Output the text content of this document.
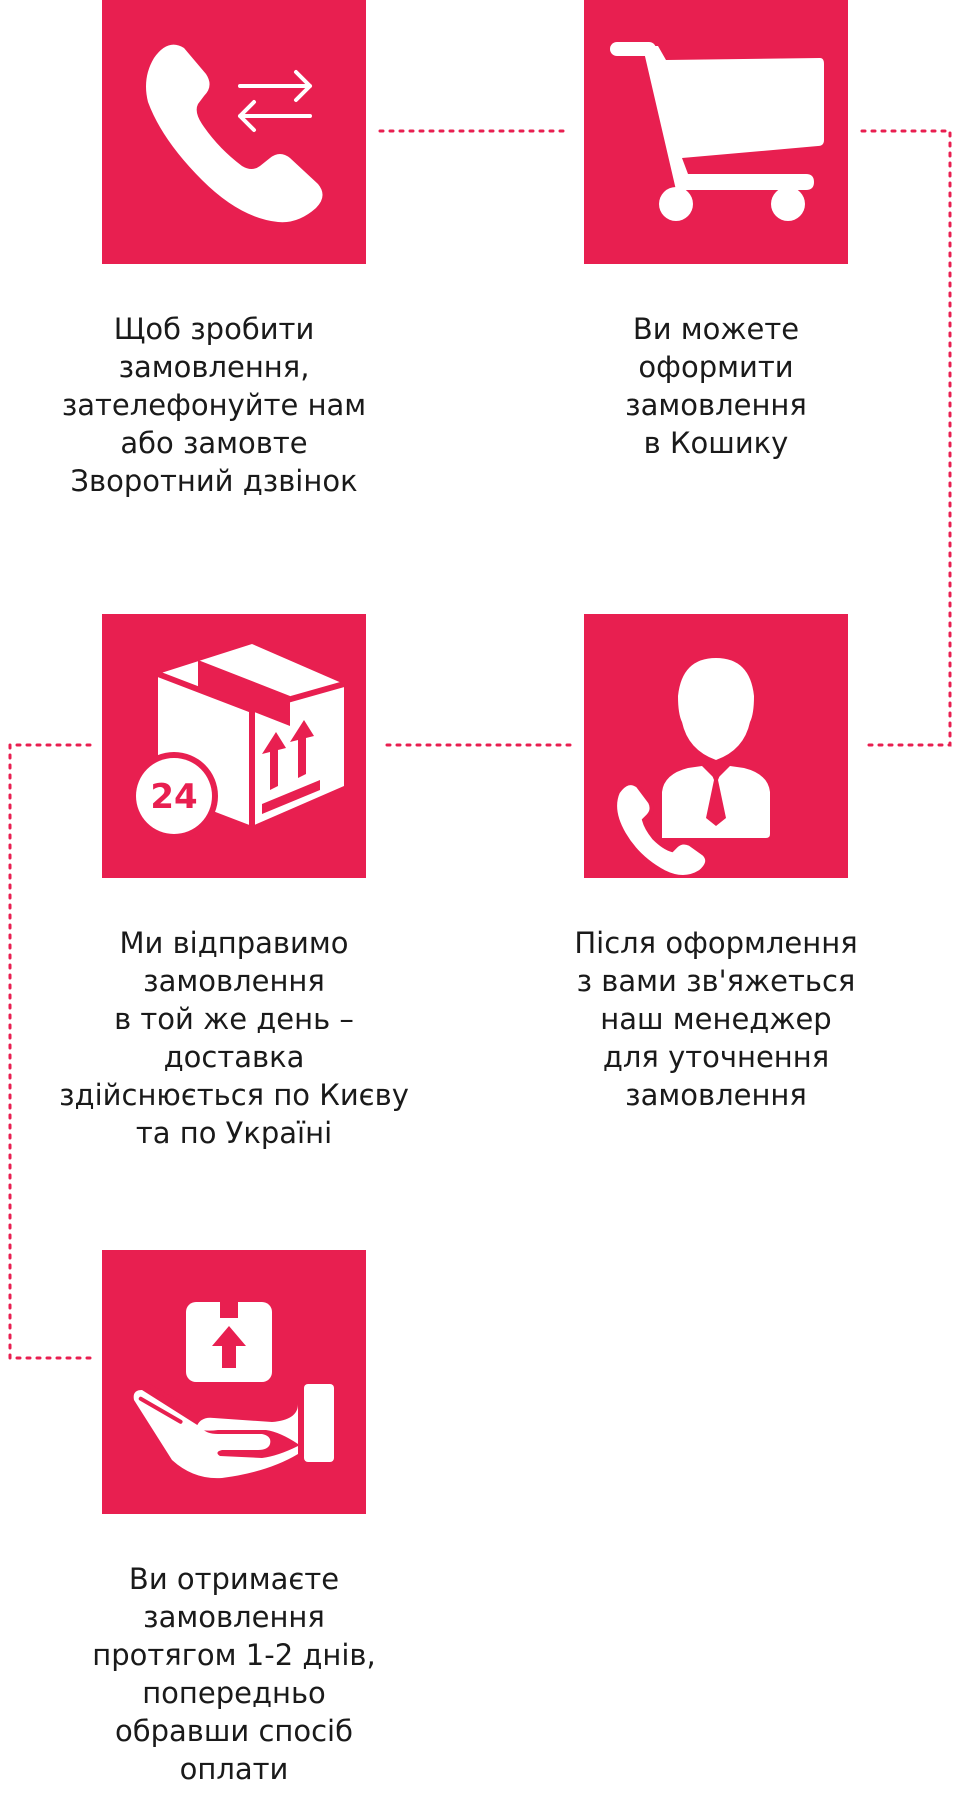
Щоб зробити
замовлення,
зателефонуйте нам
або замовте
Зворотний дзвінок
Ви можете
оформити
замовлення
в Кошику
Після оформлення
з вами зв'яжеться
наш менеджер
для уточнення
замовлення
24
Ми відправимо
замовлення
в той же день –
доставка
здійснюється по Києву
та по Україні
Ви отримаєте
замовлення
протягом 1-2 днів,
попередньо
обравши спосіб
оплати
